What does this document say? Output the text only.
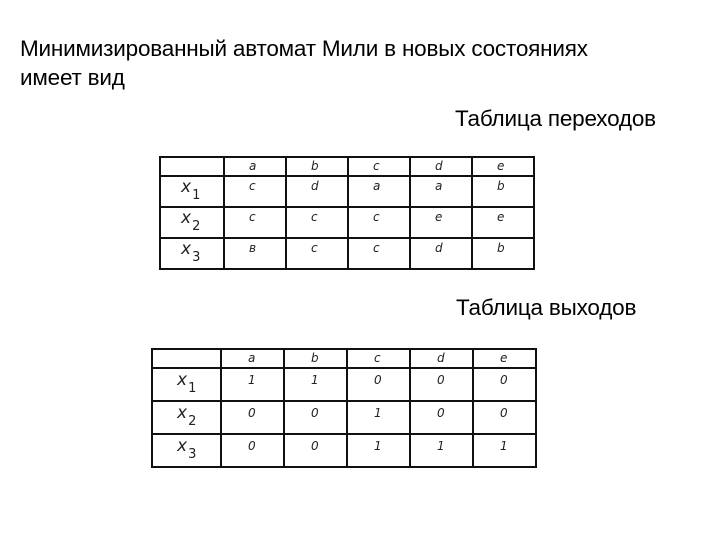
Минимизированный автомат Мили в новых состояниях
имеет вид
Таблица переходов

	a	b	c	d	e

$x_1$	c	d	a	a	b

$x_2$	c	c	c	e	e

$x_3$	в	c	c	d	b
Таблица выходов

	a	b	c	d	e

$x_1$	1	1	0	0	0

$x_2$	0	0	1	0	0

$x_3$	0	0	1	1	1
